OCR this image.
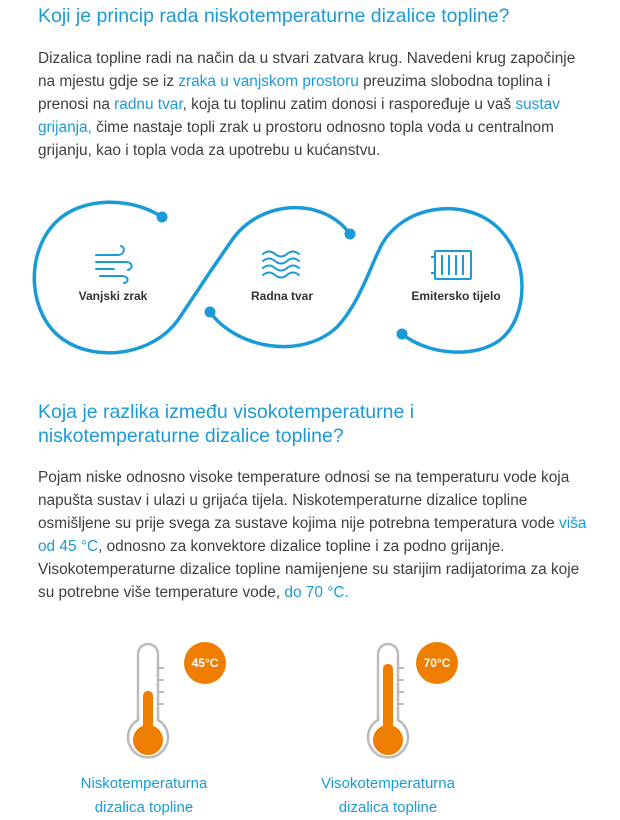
Koji je princip rada niskotemperaturne dizalice topline?

Dizalica topline radi na način da u stvari zatvara krug. Navedeni krug započinje na mjestu gdje se iz zraka u vanjskom prostoru preuzima slobodna toplina i prenosi na radnu tvar, koja tu toplinu zatim donosi i raspoređuje u vaš sustav grijanja, čime nastaje topli zrak u prostoru odnosno topla voda u centralnom grijanju, kao i topla voda za upotrebu u kućanstvu.

Vanjski zrak	Radna tvar	Emitersko tijelo
Koja je razlika između visokotemperaturne i niskotemperaturne dizalice topline?

Pojam niske odnosno visoke temperature odnosi se na temperaturu vode koja napušta sustav i ulazi u grijaća tijela. Niskotemperaturne dizalice topline osmišljene su prije svega za sustave kojima nije potrebna temperatura vode viša od 45 °C, odnosno za konvektore dizalice topline i za podno grijanje. Visokotemperaturne dizalice topline namijenjene su starijim radijatorima za koje su potrebne više temperature vode, do 70 °C.

45°C
Niskotemperaturna
dizalica topline
70°C
Visokotemperaturna
dizalica topline
